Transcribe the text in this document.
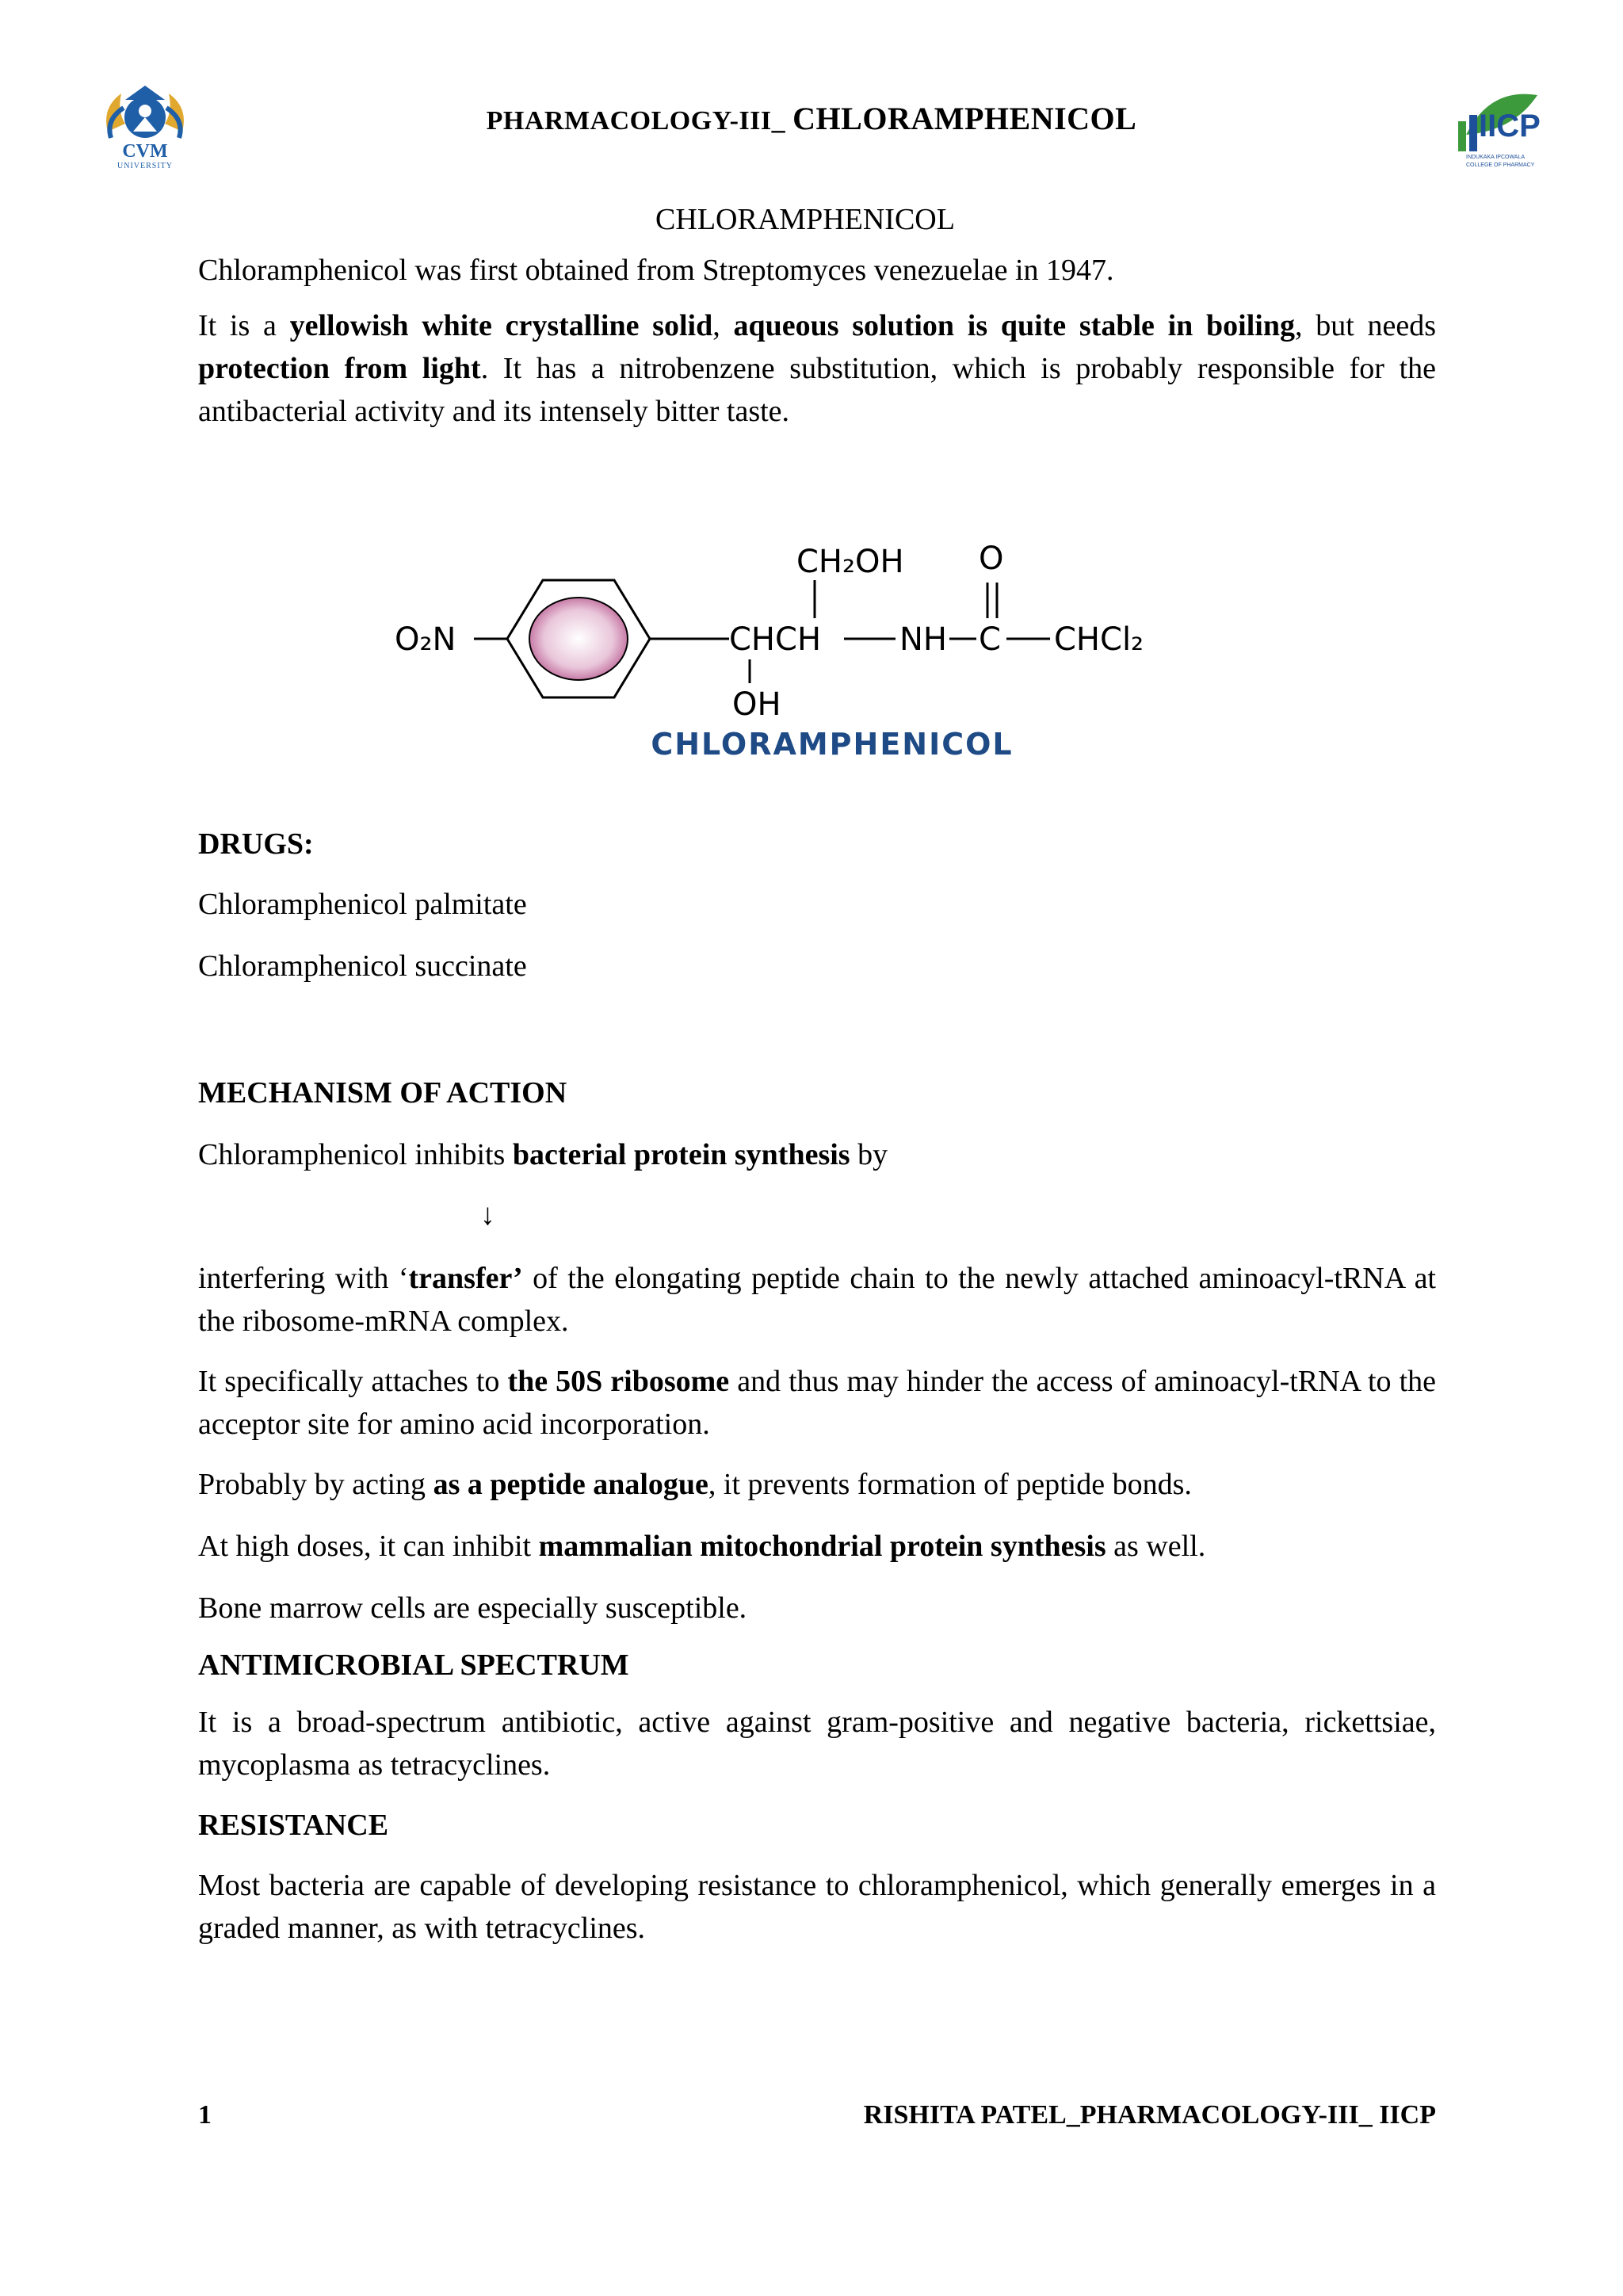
CVM
UNIVERSITY
PHARMACOLOGY-III_ CHLORAMPHENICOL	IICP
INDUKAKA IPCOWALA
COLLEGE OF PHARMACY
O₂N	CHCH
CH₂OH
OH
NH C
O
CHCl₂
CHLORAMPHENICOL

CHLORAMPHENICOL

Chloramphenicol was first obtained from Streptomyces venezuelae in 1947.

It is a yellowish white crystalline solid, aqueous solution is quite stable in boiling, but needs protection from light. It has a nitrobenzene substitution, which is probably responsible for the antibacterial activity and its intensely bitter taste.

DRUGS:

Chloramphenicol palmitate

Chloramphenicol succinate

MECHANISM OF ACTION

Chloramphenicol inhibits bacterial protein synthesis by

↓

interfering with ‘transfer’ of the elongating peptide chain to the newly attached aminoacyl-tRNA at the ribosome-mRNA complex.

It specifically attaches to the 50S ribosome and thus may hinder the access of aminoacyl-tRNA to the acceptor site for amino acid incorporation.

Probably by acting as a peptide analogue, it prevents formation of peptide bonds.

At high doses, it can inhibit mammalian mitochondrial protein synthesis as well.

Bone marrow cells are especially susceptible.

ANTIMICROBIAL SPECTRUM

It is a broad-spectrum antibiotic, active against gram-positive and negative bacteria, rickettsiae, mycoplasma as tetracyclines.

RESISTANCE

Most bacteria are capable of developing resistance to chloramphenicol, which generally emerges in a graded manner, as with tetracyclines.

1	RISHITA PATEL_PHARMACOLOGY-III_ IICP
